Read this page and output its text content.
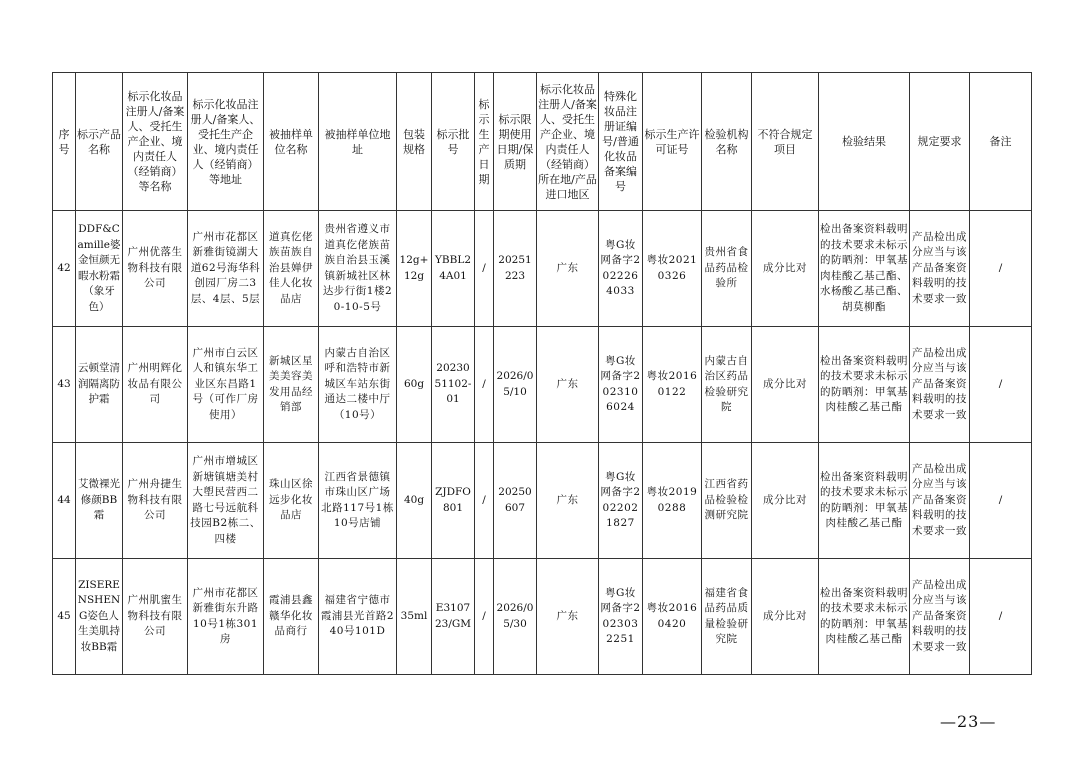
序号	标示产品名称	标示化妆品注册人/备案人、受托生产企业、境内责任人（经销商）等名称	标示化妆品注册人/备案人、受托生产企业、境内责任人（经销商）等地址	被抽样单位名称	被抽样单位地址	包装规格	标示批号	标示生产日期	标示限期使用日期/保质期	标示化妆品注册人/备案人、受托生产企业、境内责任人（经销商）所在地/产品进口地区	特殊化妆品注册证编号/普通化妆品备案编号	标示生产许可证号	检验机构名称	不符合规定项目	检验结果	规定要求	备注
42	DDF&Camille婆金恒颜无暇水粉霜（象牙色）	广州优落生物科技有限公司	广州市花都区新雅街镜湖大道62号海华科创园厂房二3层、4层、5层	道真仡佬族苗族自治县婵伊佳人化妆品店	贵州省遵义市道真仡佬族苗族自治县玉溪镇新城社区林达步行街1楼20-10-5号	12g+12g	YBBL24A01	/	20251223	广东	粤G妆网备字2022264033	粤妆20210326	贵州省食品药品检验所	成分比对	检出备案资料载明的技术要求未标示的防晒剂：甲氧基肉桂酸乙基己酯、水杨酸乙基己酯、胡莫柳酯	产品检出成分应当与该产品备案资料载明的技术要求一致	/
43	云顿堂清润隔离防护霜	广州明辉化妆品有限公司	广州市白云区人和镇东华工业区东昌路1号（可作厂房使用）	新城区星美美容美发用品经销部	内蒙古自治区呼和浩特市新城区车站东街通达二楼中厅（10号）	60g	2023051102-01	/	2026/05/10	广东	粤G妆网备字2023106024	粤妆20160122	内蒙古自治区药品检验研究院	成分比对	检出备案资料载明的技术要求未标示的防晒剂：甲氧基肉桂酸乙基己酯	产品检出成分应当与该产品备案资料载明的技术要求一致	/
44	艾微裸光修颜BB霜	广州舟捷生物科技有限公司	广州市增城区新塘镇塘美村大塱民营西二路七号远航科技园B2栋二、四楼	珠山区徐远步化妆品店	江西省景德镇市珠山区广场北路117号1栋10号店铺	40g	ZJDFO801	/	20250607	广东	粤G妆网备字2022021827	粤妆20190288	江西省药品检验检测研究院	成分比对	检出备案资料载明的技术要求未标示的防晒剂：甲氧基肉桂酸乙基己酯	产品检出成分应当与该产品备案资料载明的技术要求一致	/
45	ZISERENSHENG姿色人生美肌持妆BB霜	广州肌蜜生物科技有限公司	广州市花都区新雅街东升路10号1栋301房	霞浦县鑫赣华化妆品商行	福建省宁德市霞浦县光首路240号101D	35ml	E310723/GM	/	2026/05/30	广东	粤G妆网备字2023032251	粤妆20160420	福建省食品药品质量检验研究院	成分比对	检出备案资料载明的技术要求未标示的防晒剂：甲氧基肉桂酸乙基己酯	产品检出成分应当与该产品备案资料载明的技术要求一致	/
—23—
